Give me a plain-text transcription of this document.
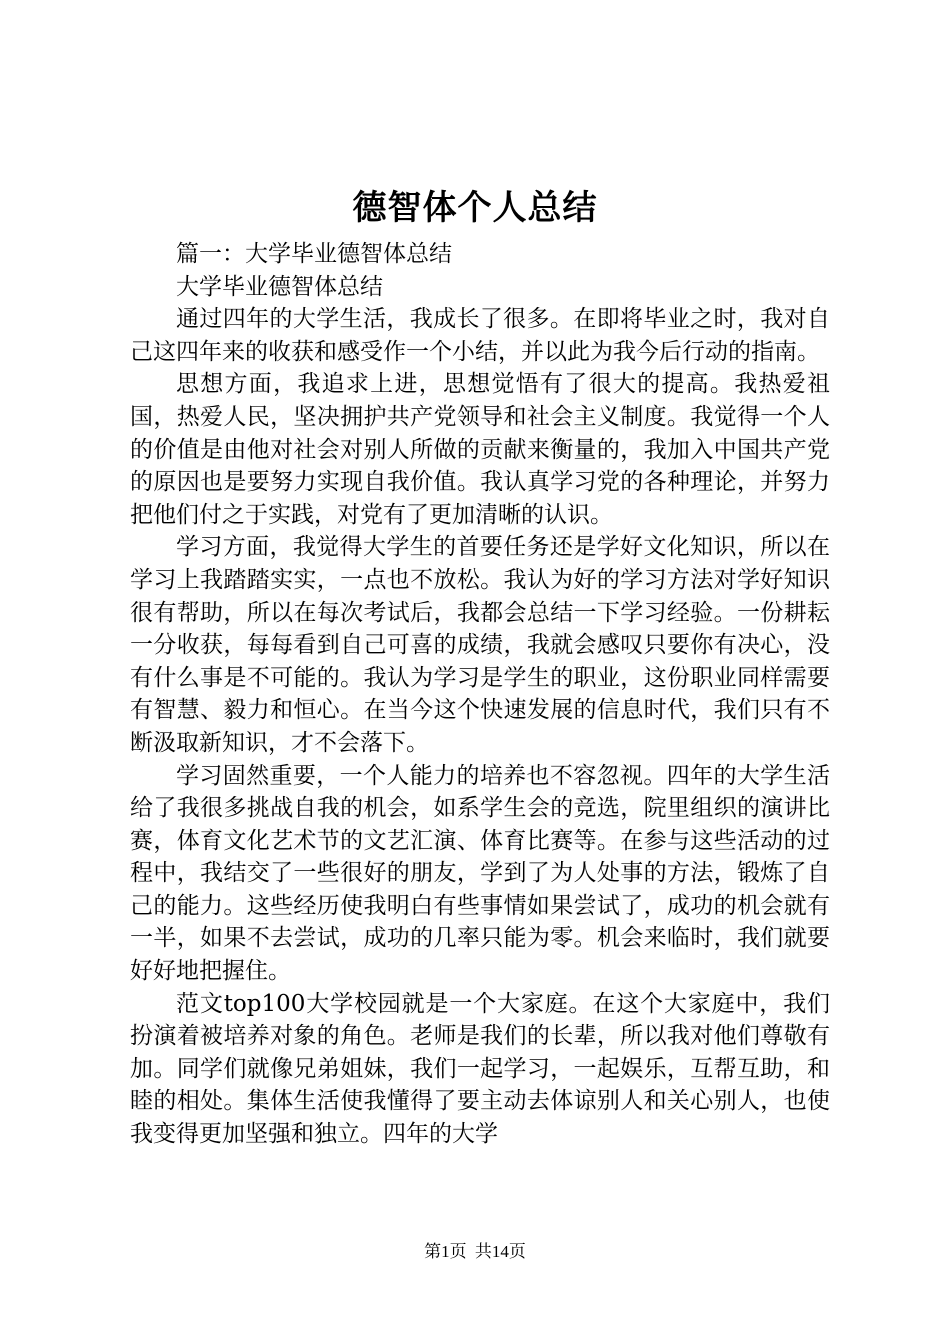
德智体个人总结

篇一：大学毕业德智体总结

大学毕业德智体总结

通过四年的大学生活，我成长了很多。在即将毕业之时，我对自己这四年来的收获和感受作一个小结，并以此为我今后行动的指南。

思想方面，我追求上进，思想觉悟有了很大的提高。我热爱祖国，热爱人民，坚决拥护共产党领导和社会主义制度。我觉得一个人的价值是由他对社会对别人所做的贡献来衡量的，我加入中国共产党的原因也是要努力实现自我价值。我认真学习党的各种理论，并努力把他们付之于实践，对党有了更加清晰的认识。

学习方面，我觉得大学生的首要任务还是学好文化知识，所以在学习上我踏踏实实，一点也不放松。我认为好的学习方法对学好知识很有帮助，所以在每次考试后，我都会总结一下学习经验。一份耕耘一分收获，每每看到自己可喜的成绩，我就会感叹只要你有决心，没有什么事是不可能的。我认为学习是学生的职业，这份职业同样需要有智慧、毅力和恒心。在当今这个快速发展的信息时代，我们只有不断汲取新知识，才不会落下。

学习固然重要，一个人能力的培养也不容忽视。四年的大学生活给了我很多挑战自我的机会，如系学生会的竞选，院里组织的演讲比赛，体育文化艺术节的文艺汇演、体育比赛等。在参与这些活动的过程中，我结交了一些很好的朋友，学到了为人处事的方法，锻炼了自己的能力。这些经历使我明白有些事情如果尝试了，成功的机会就有一半，如果不去尝试，成功的几率只能为零。机会来临时，我们就要好好地把握住。

范文top100大学校园就是一个大家庭。在这个大家庭中，我们扮演着被培养对象的角色。老师是我们的长辈，所以我对他们尊敬有加。同学们就像兄弟姐妹，我们一起学习，一起娱乐，互帮互助，和睦的相处。集体生活使我懂得了要主动去体谅别人和关心别人，也使我变得更加坚强和独立。四年的大学

第1页 共14页
